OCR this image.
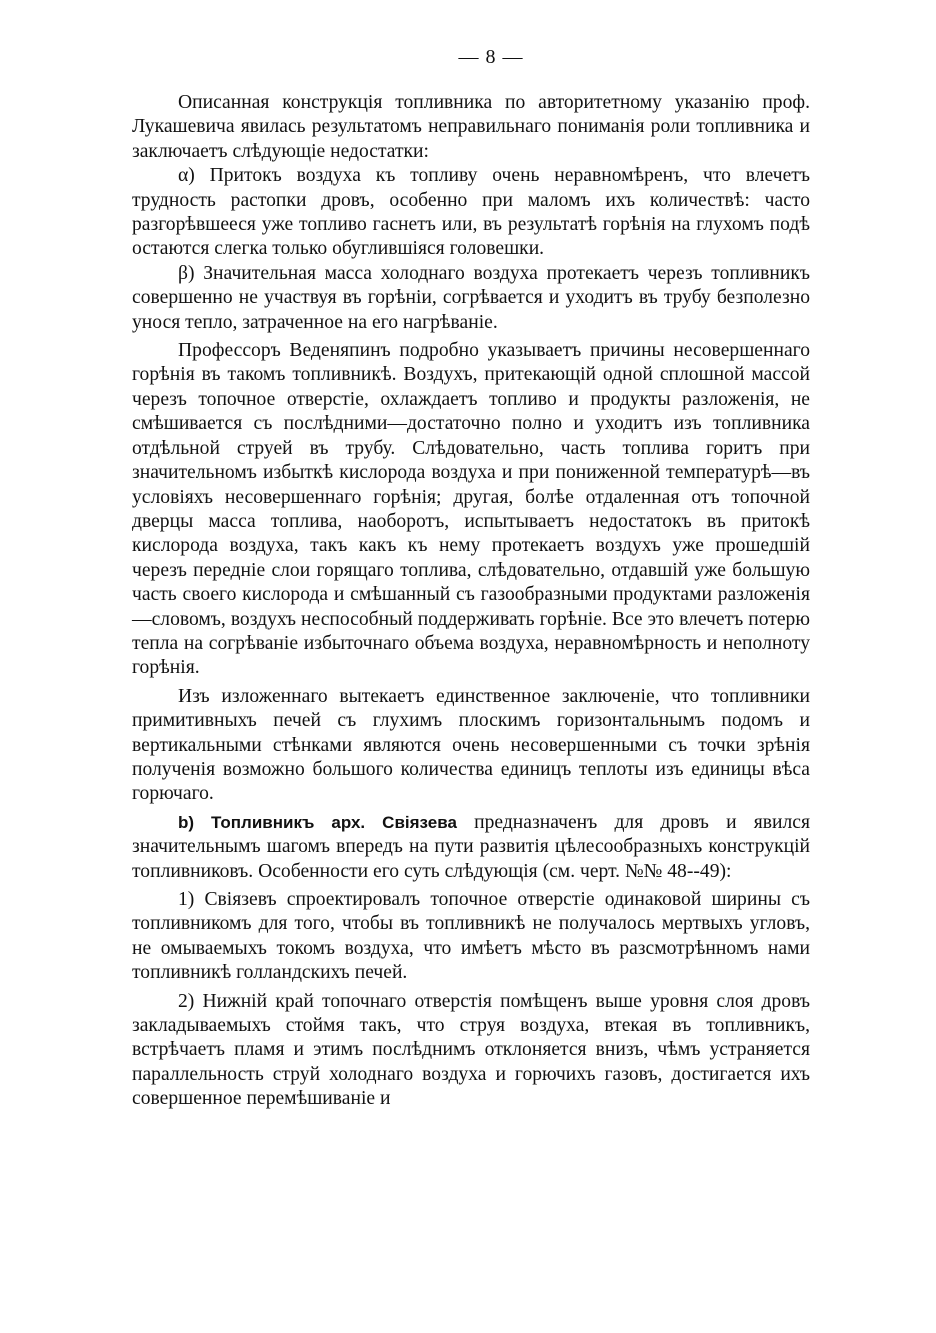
— 8 —

Описанная конструкція топливника по авторитетному указанію проф. Лукашевича явилась результатомъ неправильнаго пониманія роли топливника и заключаетъ слѣдующіе недостатки:

α) Притокъ воздуха къ топливу очень неравномѣренъ, что влечетъ трудность растопки дровъ, особенно при маломъ ихъ количествѣ: часто разгорѣвшееся уже топливо гаснетъ или, въ результатѣ горѣнія на глухомъ подѣ остаются слегка только обуглившіяся головешки.

β) Значительная масса холоднаго воздуха протекаетъ черезъ топливникъ совершенно не участвуя въ горѣніи, согрѣвается и уходитъ въ трубу безполезно унося тепло, затраченное на его нагрѣваніе.

Профессоръ Веденяпинъ подробно указываетъ причины несовершеннаго горѣнія въ такомъ топливникѣ. Воздухъ, притекающій одной сплошной массой черезъ топочное отверстіе, охлаждаетъ топливо и продукты разложенія, не смѣшивается съ послѣдними—достаточно полно и уходитъ изъ топливника отдѣльной струей въ трубу. Слѣдовательно, часть топлива горитъ при значительномъ избыткѣ кислорода воздуха и при пониженной температурѣ—въ условіяхъ несовершеннаго горѣнія; другая, болѣе отдаленная отъ топочной дверцы масса топлива, наоборотъ, испытываетъ недостатокъ въ притокѣ кислорода воздуха, такъ какъ къ нему протекаетъ воздухъ уже прошедшій черезъ передніе слои горящаго топлива, слѣдовательно, отдавшій уже большую часть своего кислорода и смѣшанный съ газообразными продуктами разложенія—словомъ, воздухъ неспособный поддерживать горѣніе. Все это влечетъ потерю тепла на согрѣваніе избыточнаго объема воздуха, неравномѣрность и неполноту горѣнія.

Изъ изложеннаго вытекаетъ единственное заключеніе, что топливники примитивныхъ печей съ глухимъ плоскимъ горизонтальнымъ подомъ и вертикальными стѣнками являются очень несовершенными съ точки зрѣнія полученія возможно большого количества единицъ теплоты изъ единицы вѣса горючаго.

b) Топливникъ арх. Свіязева предназначенъ для дровъ и явился значительнымъ шагомъ впередъ на пути развитія цѣлесообразныхъ конструкцій топливниковъ. Особенности его суть слѣдующія (см. черт. №№ 48--49):

1) Свіязевъ спроектировалъ топочное отверстіе одинаковой ширины съ топливникомъ для того, чтобы въ топливникѣ не получалось мертвыхъ угловъ, не омываемыхъ токомъ воздуха, что имѣетъ мѣсто въ разсмотрѣнномъ нами топливникѣ голландскихъ печей.

2) Нижній край топочнаго отверстія помѣщенъ выше уровня слоя дровъ закладываемыхъ стоймя такъ, что струя воздуха, втекая въ топливникъ, встрѣчаетъ пламя и этимъ послѣднимъ отклоняется внизъ, чѣмъ устраняется параллельность струй холоднаго воздуха и горючихъ газовъ, достигается ихъ совершенное перемѣшиваніе и
